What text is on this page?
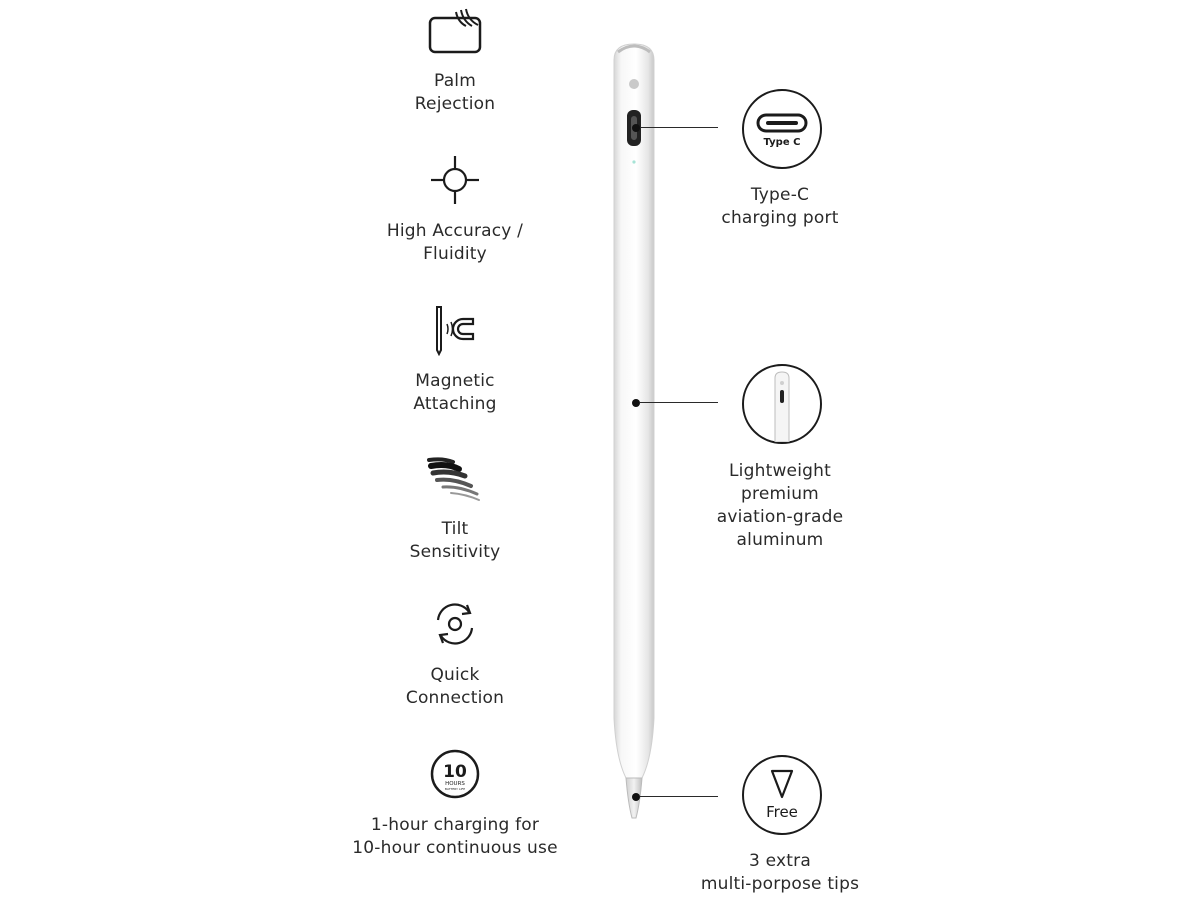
Palm
Rejection
High Accuracy /
Fluidity
Magnetic
Attaching
Tilt
Sensitivity
Quick
Connection
10
HOURS
BATTERY LIFE
1-hour charging for
10-hour continuous use
Type C
Type-C
charging port
Lightweight
premium
aviation-grade
aluminum
Free
3 extra
multi-porpose tips
